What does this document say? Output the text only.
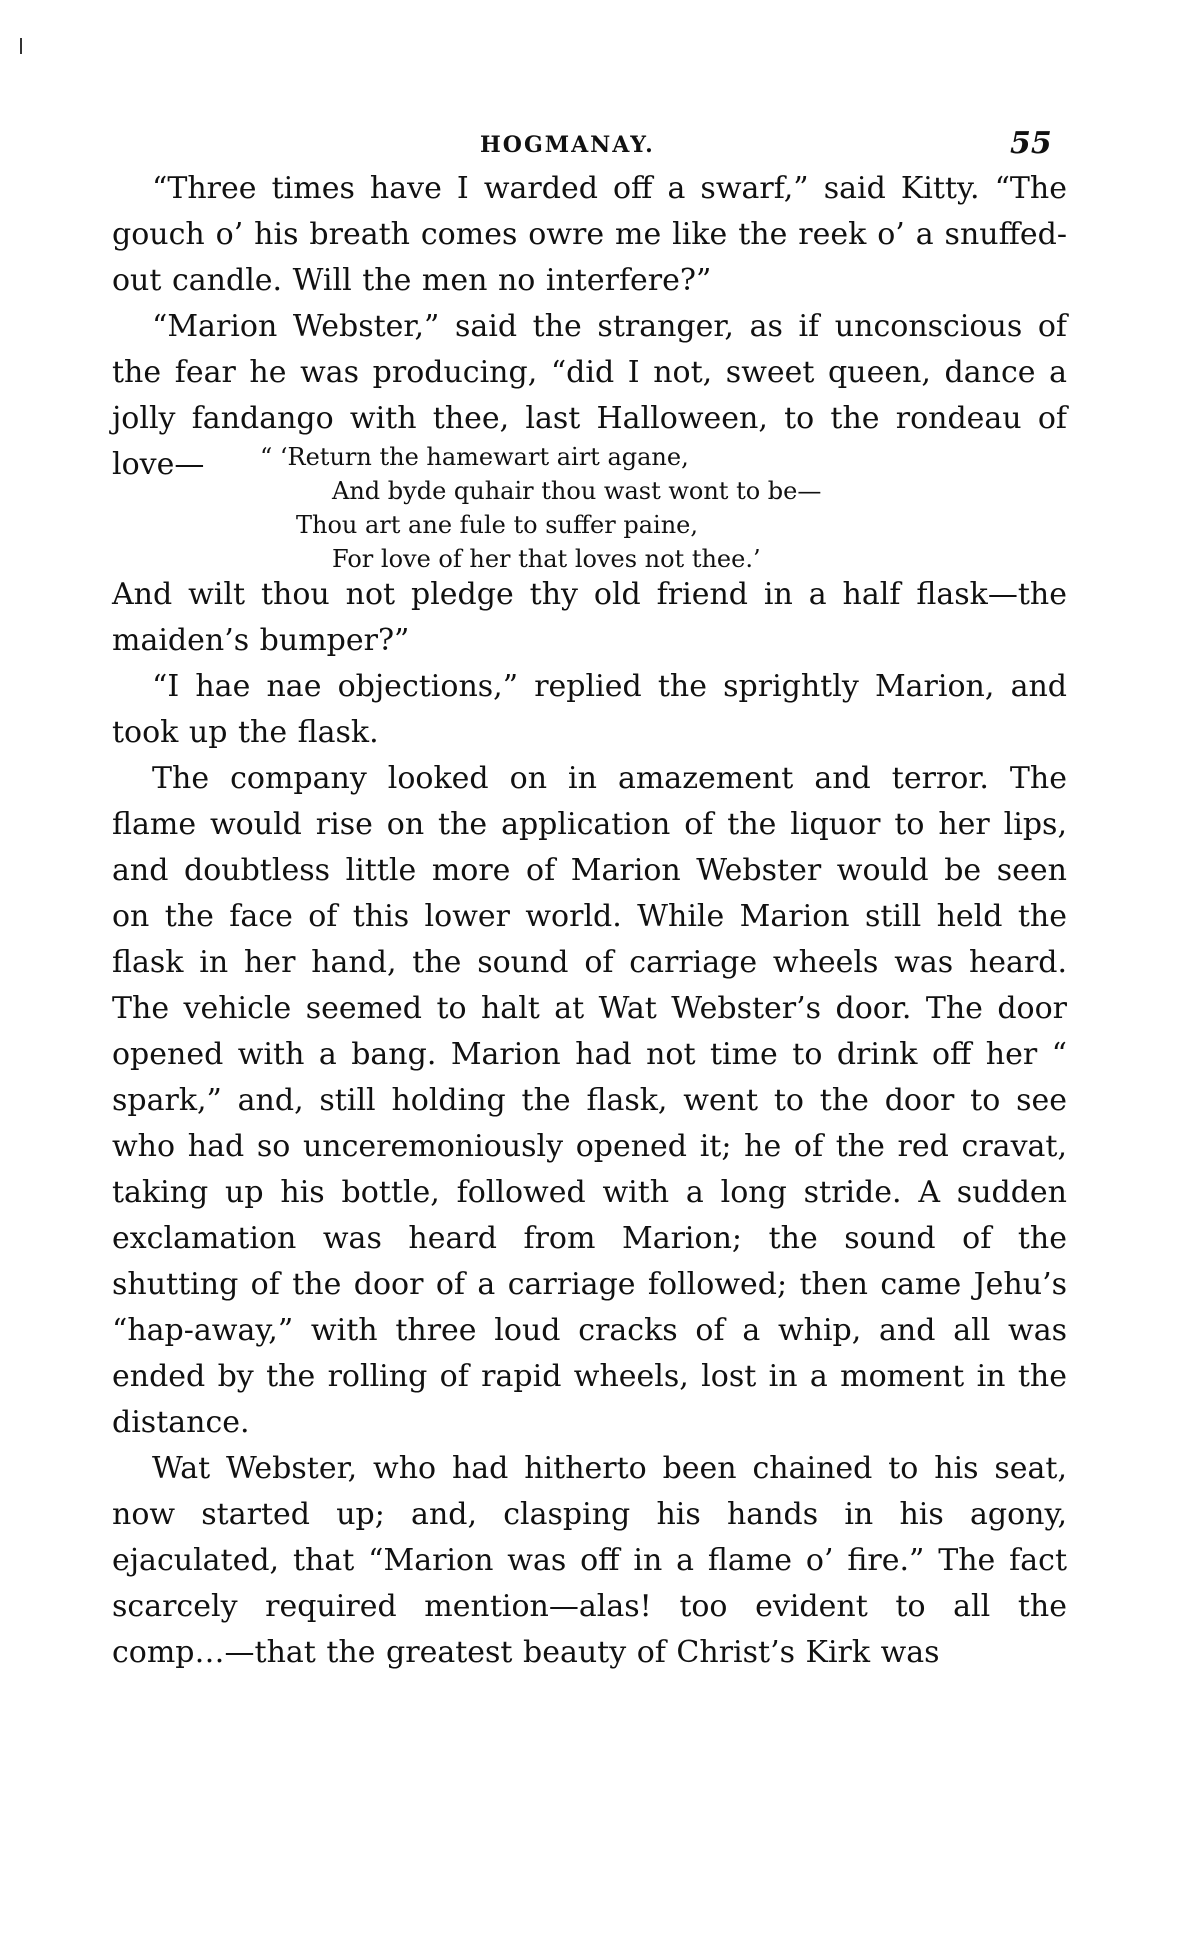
HOGMANAY.	55

“Three times have I warded off a swarf,” said Kitty. “The gouch o’ his breath comes owre me like the reek o’ a snuffed-out candle. Will the men no interfere?”

“Marion Webster,” said the stranger, as if unconscious of the fear he was producing, “did I not, sweet queen, dance a jolly fandango with thee, last Halloween, to the rondeau of love—	“ ‘Return the hamewart airt agane,
And byde quhair thou wast wont to be—
Thou art ane fule to suffer paine,
For love of her that loves not thee.’

And wilt thou not pledge thy old friend in a half flask—the maiden’s bumper?”

“I hae nae objections,” replied the sprightly Marion, and took up the flask.

The company looked on in amazement and terror. The flame would rise on the application of the liquor to her lips, and doubtless little more of Marion Webster would be seen on the face of this lower world. While Marion still held the flask in her hand, the sound of carriage wheels was heard. The vehicle seemed to halt at Wat Webster’s door. The door opened with a bang. Marion had not time to drink off her “ spark,” and, still holding the flask, went to the door to see who had so unceremoniously opened it; he of the red cravat, taking up his bottle, followed with a long stride. A sudden exclamation was heard from Marion; the sound of the shutting of the door of a carriage followed; then came Jehu’s “hap-away,” with three loud cracks of a whip, and all was ended by the rolling of rapid wheels, lost in a moment in the distance.

Wat Webster, who had hitherto been chained to his seat, now started up; and, clasping his hands in his agony, ejaculated, that “Marion was off in a flame o’ fire.” The fact scarcely required mention—alas! too evident to all the comp…—that the greatest beauty of Christ’s Kirk was
